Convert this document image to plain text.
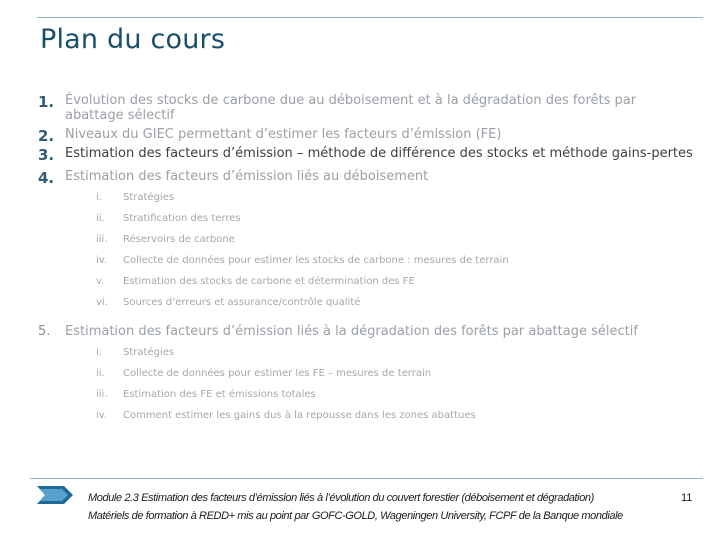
Plan du cours
1. Évolution des stocks de carbone due au déboisement et à la dégradation des forêts par abattage sélectif
2. Niveaux du GIEC permettant d’estimer les facteurs d’émission (FE)
3. Estimation des facteurs d’émission – méthode de différence des stocks et méthode gains-pertes
4. Estimation des facteurs d’émission liés au déboisement
i. Stratégies
ii. Stratification des terres
iii. Réservoirs de carbone
iv. Collecte de données pour estimer les stocks de carbone : mesures de terrain
v. Estimation des stocks de carbone et détermination des FE
vi. Sources d’erreurs et assurance/contrôle qualité
5. Estimation des facteurs d’émission liés à la dégradation des forêts par abattage sélectif
i. Stratégies
ii. Collecte de données pour estimer les FE – mesures de terrain
iii. Estimation des FE et émissions totales
iv. Comment estimer les gains dus à la repousse dans les zones abattues
Module 2.3 Estimation des facteurs d’émission liés à l’évolution du couvert forestier (déboisement et dégradation)
Matériels de formation à REDD+ mis au point par GOFC-GOLD, Wageningen University, FCPF de la Banque mondiale
11
